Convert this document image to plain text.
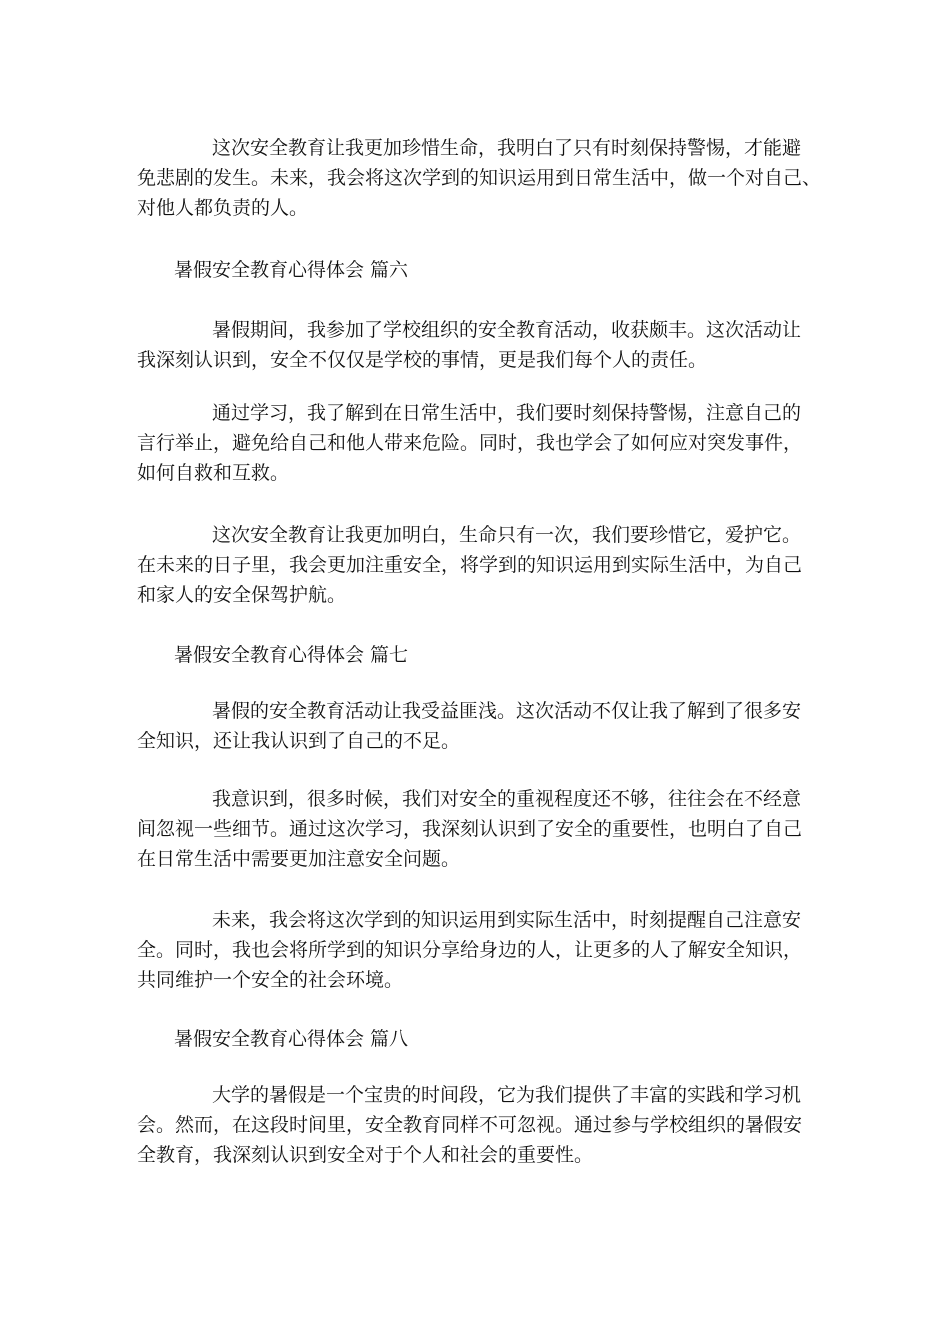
这次安全教育让我更加珍惜生命，我明白了只有时刻保持警惕，才能避
免悲剧的发生。未来，我会将这次学到的知识运用到日常生活中，做一个对自己、
对他人都负责的人。
暑假安全教育心得体会 篇六
暑假期间，我参加了学校组织的安全教育活动，收获颇丰。这次活动让
我深刻认识到，安全不仅仅是学校的事情，更是我们每个人的责任。
通过学习，我了解到在日常生活中，我们要时刻保持警惕，注意自己的
言行举止，避免给自己和他人带来危险。同时，我也学会了如何应对突发事件，
如何自救和互救。
这次安全教育让我更加明白，生命只有一次，我们要珍惜它，爱护它。
在未来的日子里，我会更加注重安全，将学到的知识运用到实际生活中，为自己
和家人的安全保驾护航。
暑假安全教育心得体会 篇七
暑假的安全教育活动让我受益匪浅。这次活动不仅让我了解到了很多安
全知识，还让我认识到了自己的不足。
我意识到，很多时候，我们对安全的重视程度还不够，往往会在不经意
间忽视一些细节。通过这次学习，我深刻认识到了安全的重要性，也明白了自己
在日常生活中需要更加注意安全问题。
未来，我会将这次学到的知识运用到实际生活中，时刻提醒自己注意安
全。同时，我也会将所学到的知识分享给身边的人，让更多的人了解安全知识，
共同维护一个安全的社会环境。
暑假安全教育心得体会 篇八
大学的暑假是一个宝贵的时间段，它为我们提供了丰富的实践和学习机
会。然而，在这段时间里，安全教育同样不可忽视。通过参与学校组织的暑假安
全教育，我深刻认识到安全对于个人和社会的重要性。
